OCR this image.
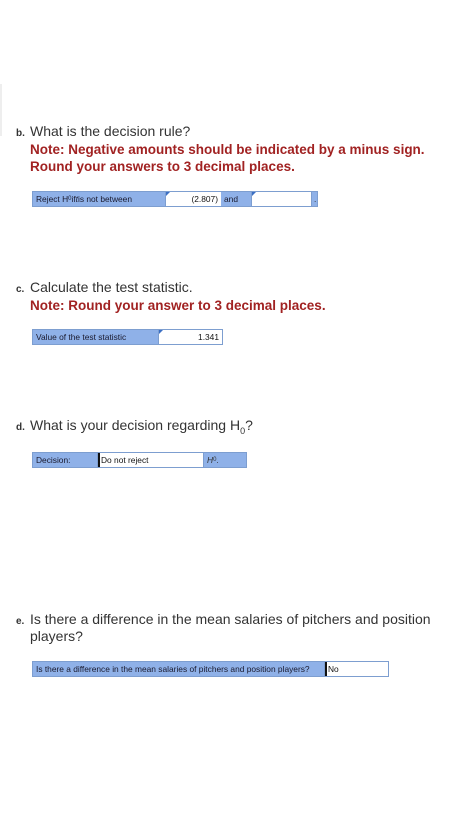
b. What is the decision rule?
Note: Negative amounts should be indicated by a minus sign.
Round your answers to 3 decimal places.
Reject H 0 if t is not between	(2.807) and	.
c. Calculate the test statistic.
Note: Round your answer to 3 decimal places.
Value of the test statistic	1.341
d. What is your decision regarding $H_0$?
Decision:	Do not reject	H 0 .
e. Is there a difference in the mean salaries of pitchers and position players?
Is there a difference in the mean salaries of pitchers and position players?	No
